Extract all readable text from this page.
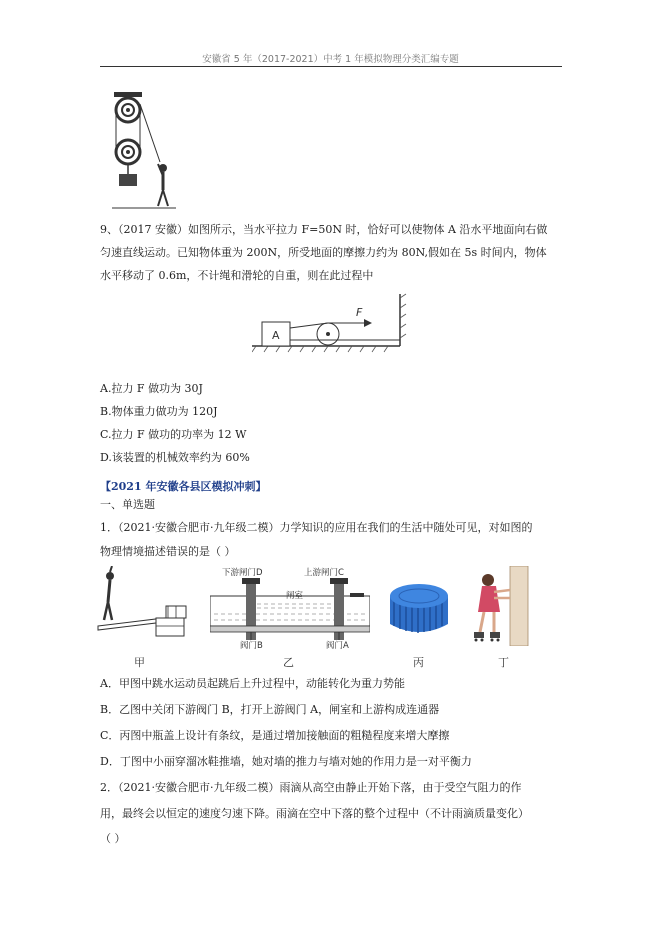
安徽省 5 年（2017-2021）中考 1 年模拟物理分类汇编专题
9、（2017 安徽）如图所示，当水平拉力 F=50N 时，恰好可以使物体 A 沿水平地面向右做
匀速直线运动。已知物体重为 200N，所受地面的摩擦力约为 80N,假如在 5s 时间内，物体
水平移动了 0.6m，不计绳和滑轮的自重，则在此过程中
A
F
A.拉力 F 做功为 30J
B.物体重力做功为 120J
C.拉力 F 做功的功率为 12 W
D.该装置的机械效率约为 60%
【2021 年安徽各县区模拟冲刺】
一、单选题
1．（2021·安徽合肥市·九年级二模）力学知识的应用在我们的生活中随处可见，对如图的
物理情境描述错误的是（ ）
甲
下游闸门D	上游闸门C
闸室
阀门B	阀门A
乙	丙	丁
A．甲图中跳水运动员起跳后上升过程中，动能转化为重力势能
B．乙图中关闭下游阀门 B，打开上游阀门 A，闸室和上游构成连通器
C．丙图中瓶盖上设计有条纹，是通过增加接触面的粗糙程度来增大摩擦
D．丁图中小丽穿溜冰鞋推墙，她对墙的推力与墙对她的作用力是一对平衡力
2．（2021·安徽合肥市·九年级二模）雨滴从高空由静止开始下落，由于受空气阻力的作
用，最终会以恒定的速度匀速下降。雨滴在空中下落的整个过程中（不计雨滴质量变化）
（ ）
